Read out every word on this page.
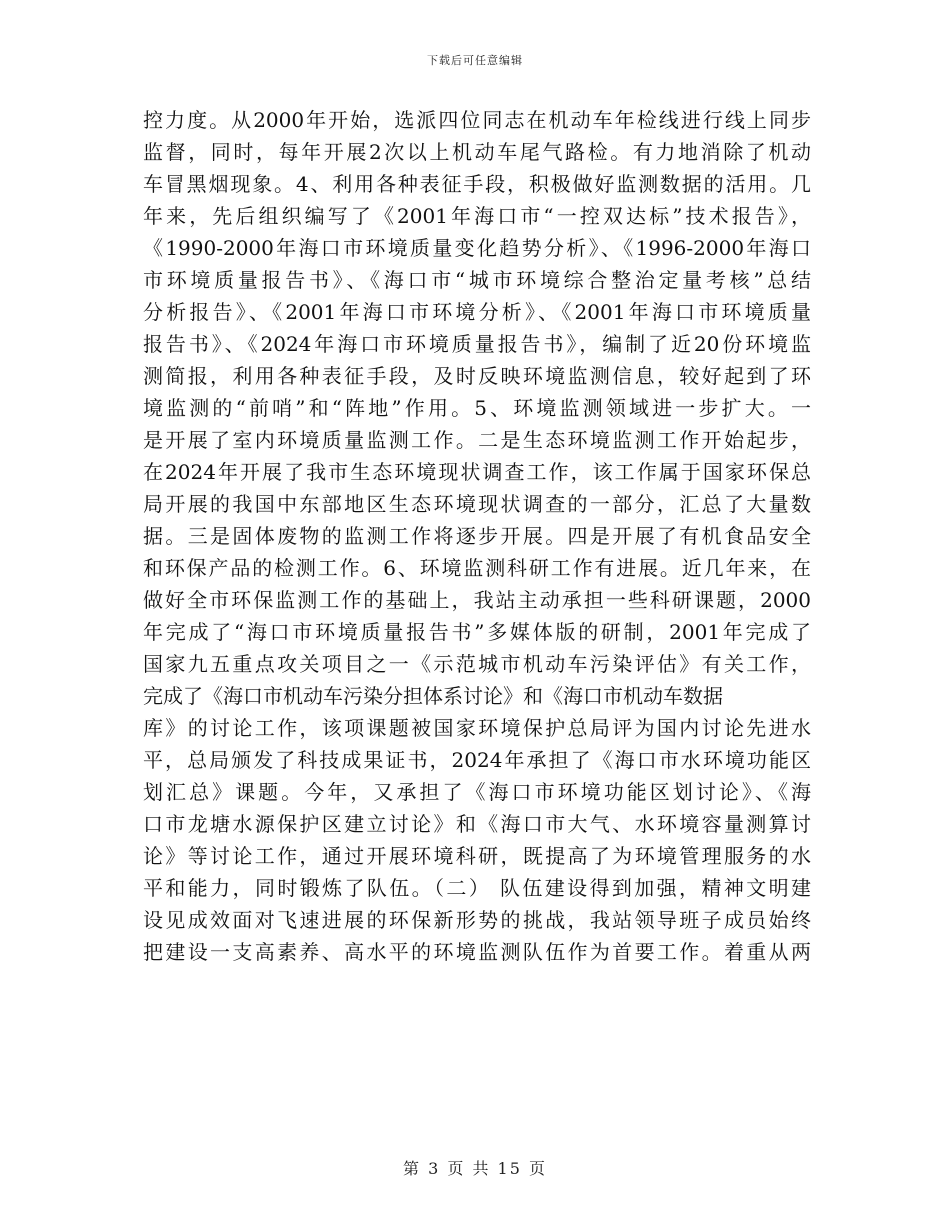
下载后可任意编辑
控力度。从2000年开始，选派四位同志在机动车年检线进行线上同步
监督，同时，每年开展2次以上机动车尾气路检。有力地消除了机动
车冒黑烟现象。4、利用各种表征手段，积极做好监测数据的活用。几
年来，先后组织编写了《2001年海口市“一控双达标”技术报告》，
《1990-2000年海口市环境质量变化趋势分析》、《1996-2000年海口
市环境质量报告书》、《海口市“城市环境综合整治定量考核”总结
分析报告》、《2001年海口市环境分析》、《2001年海口市环境质量
报告书》、《2024年海口市环境质量报告书》，编制了近20份环境监
测简报，利用各种表征手段，及时反映环境监测信息，较好起到了环
境监测的“前哨”和“阵地”作用。5、环境监测领域进一步扩大。一
是开展了室内环境质量监测工作。二是生态环境监测工作开始起步，
在2024年开展了我市生态环境现状调查工作，该工作属于国家环保总
局开展的我国中东部地区生态环境现状调查的一部分，汇总了大量数
据。三是固体废物的监测工作将逐步开展。四是开展了有机食品安全
和环保产品的检测工作。6、环境监测科研工作有进展。近几年来，在
做好全市环保监测工作的基础上，我站主动承担一些科研课题，2000
年完成了“海口市环境质量报告书”多媒体版的研制，2001年完成了
国家九五重点攻关项目之一《示范城市机动车污染评估》有关工作，
完成了《海口市机动车污染分担体系讨论》和《海口市机动车数据
库》的讨论工作，该项课题被国家环境保护总局评为国内讨论先进水
平，总局颁发了科技成果证书，2024年承担了《海口市水环境功能区
划汇总》课题。今年，又承担了《海口市环境功能区划讨论》、《海
口市龙塘水源保护区建立讨论》和《海口市大气、水环境容量测算讨
论》等讨论工作，通过开展环境科研，既提高了为环境管理服务的水
平和能力，同时锻炼了队伍。（二） 队伍建设得到加强，精神文明建
设见成效面对飞速进展的环保新形势的挑战，我站领导班子成员始终
把建设一支高素养、高水平的环境监测队伍作为首要工作。着重从两
第 3 页 共 15 页
